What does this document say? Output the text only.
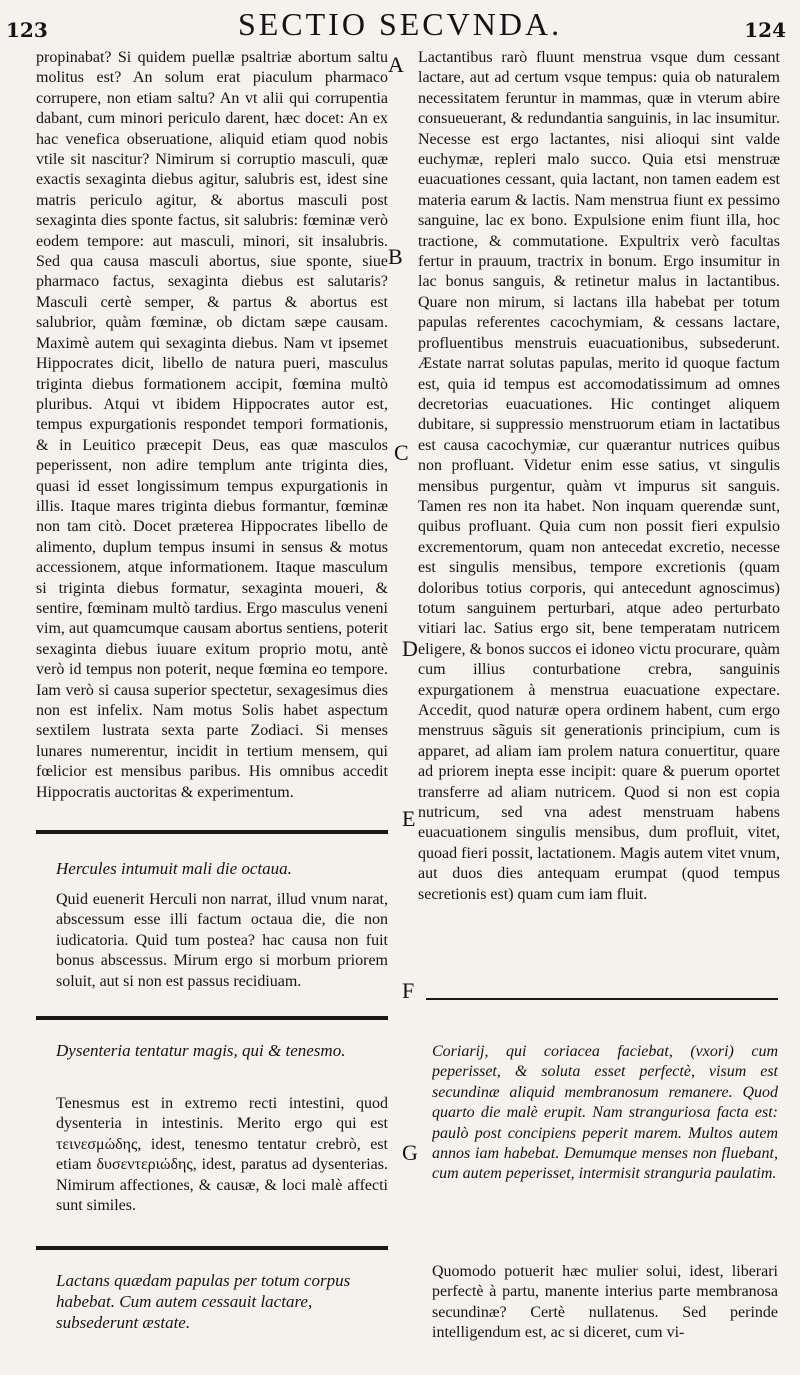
123	SECTIO SECVNDA.	124
A
B
C
D
E
F
G

propinabat? Si quidem puellæ psaltriæ abortum saltu molitus est? An solum erat piaculum pharmaco corrupere, non etiam saltu? An vt alii qui corrupentia dabant, cum minori periculo darent, hæc docet: An ex hac venefica obseruatione, aliquid etiam quod nobis vtile sit nascitur? Nimirum si corruptio masculi, quæ exactis sexaginta diebus agitur, salubris est, idest sine matris periculo agitur, & abortus masculi post sexaginta dies sponte factus, sit salubris: fœminæ verò eodem tempore: aut masculi, minori, sit insalubris. Sed qua causa masculi abortus, siue sponte, siue pharmaco factus, sexaginta diebus est salutaris? Masculi certè semper, & partus & abortus est salubrior, quàm fœminæ, ob dictam sæpe causam. Maximè autem qui sexaginta diebus. Nam vt ipsemet Hippocrates dicit, libello de natura pueri, masculus triginta diebus formationem accipit, fœmina multò pluribus. Atqui vt ibidem Hippocrates autor est, tempus expurgationis respondet tempori formationis, & in Leuitico præcepit Deus, eas quæ masculos peperissent, non adire templum ante triginta dies, quasi id esset longissimum tempus expurgationis in illis. Itaque mares triginta diebus formantur, fœminæ non tam citò. Docet præterea Hippocrates libello de alimento, duplum tempus insumi in sensus & motus accessionem, atque informationem. Itaque masculum si triginta diebus formatur, sexaginta moueri, & sentire, fœminam multò tardius. Ergo masculus veneni vim, aut quamcumque causam abortus sentiens, poterit sexaginta diebus iuuare exitum proprio motu, antè verò id tempus non poterit, neque fœmina eo tempore. Iam verò si causa superior spectetur, sexagesimus dies non est infelix. Nam motus Solis habet aspectum sextilem lustrata sexta parte Zodiaci. Si menses lunares numerentur, incidit in tertium mensem, qui fœlicior est mensibus paribus. His omnibus accedit Hippocratis auctoritas & experimentum.

Hercules intumuit mali die octaua.

Quid euenerit Herculi non narrat, illud vnum narat, abscessum esse illi factum octaua die, die non iudicatoria. Quid tum postea? hac causa non fuit bonus abscessus. Mirum ergo si morbum priorem soluit, aut si non est passus recidiuam.

Dysenteria tentatur magis, qui & tenesmo.

Tenesmus est in extremo recti intestini, quod dysenteria in intestinis. Merito ergo qui est τεινεσμώδης, idest, tenesmo tentatur crebrò, est etiam δυσεντεριώδης, idest, paratus ad dysenterias. Nimirum affectiones, & causæ, & loci malè affecti sunt similes.

Lactans quædam papulas per totum corpus habebat. Cum autem cessauit lactare, subsederunt æstate.

Lactantibus rarò fluunt menstrua vsque dum cessant lactare, aut ad certum vsque tempus: quia ob naturalem necessitatem feruntur in mammas, quæ in vterum abire consueuerant, & redundantia sanguinis, in lac insumitur. Necesse est ergo lactantes, nisi alioqui sint valde euchymæ, repleri malo succo. Quia etsi menstruæ euacuationes cessant, quia lactant, non tamen eadem est materia earum & lactis. Nam menstrua fiunt ex pessimo sanguine, lac ex bono. Expulsione enim fiunt illa, hoc tractione, & commutatione. Expultrix verò facultas fertur in prauum, tractrix in bonum. Ergo insumitur in lac bonus sanguis, & retinetur malus in lactantibus. Quare non mirum, si lactans illa habebat per totum papulas referentes cacochymiam, & cessans lactare, profluentibus menstruis euacuationibus, subsederunt. Æstate narrat solutas papulas, merito id quoque factum est, quia id tempus est accomodatissimum ad omnes decretorias euacuationes. Hic continget aliquem dubitare, si suppressio menstruorum etiam in lactatibus est causa cacochymiæ, cur quærantur nutrices quibus non profluant. Videtur enim esse satius, vt singulis mensibus purgentur, quàm vt impurus sit sanguis. Tamen res non ita habet. Non inquam querendæ sunt, quibus profluant. Quia cum non possit fieri expulsio excrementorum, quam non antecedat excretio, necesse est singulis mensibus, tempore excretionis (quam doloribus totius corporis, qui antecedunt agnoscimus) totum sanguinem perturbari, atque adeo perturbato vitiari lac. Satius ergo sit, bene temperatam nutricem eligere, & bonos succos ei idoneo victu procurare, quàm cum illius conturbatione crebra, sanguinis expurgationem à menstrua euacuatione expectare. Accedit, quod naturæ opera ordinem habent, cum ergo menstruus sãguis sit generationis principium, cum is apparet, ad aliam iam prolem natura conuertitur, quare ad priorem inepta esse incipit: quare & puerum oportet transferre ad aliam nutricem. Quod si non est copia nutricum, sed vna adest menstruam habens euacuationem singulis mensibus, dum profluit, vitet, quoad fieri possit, lactationem. Magis autem vitet vnum, aut duos dies antequam erumpat (quod tempus secretionis est) quam cum iam fluit.

Coriarij, qui coriacea faciebat, (vxori) cum peperisset, & soluta esset perfectè, visum est secundinæ aliquid membranosum remanere. Quod quarto die malè erupit. Nam stranguriosa facta est: paulò post concipiens peperit marem. Multos autem annos iam habebat. Demumque menses non fluebant, cum autem peperisset, intermisit stranguria paulatim.

Quomodo potuerit hæc mulier solui, idest, liberari perfectè à partu, manente interius parte membranosa secundinæ? Certè nullatenus. Sed perinde intelligendum est, ac si diceret, cum vi-
